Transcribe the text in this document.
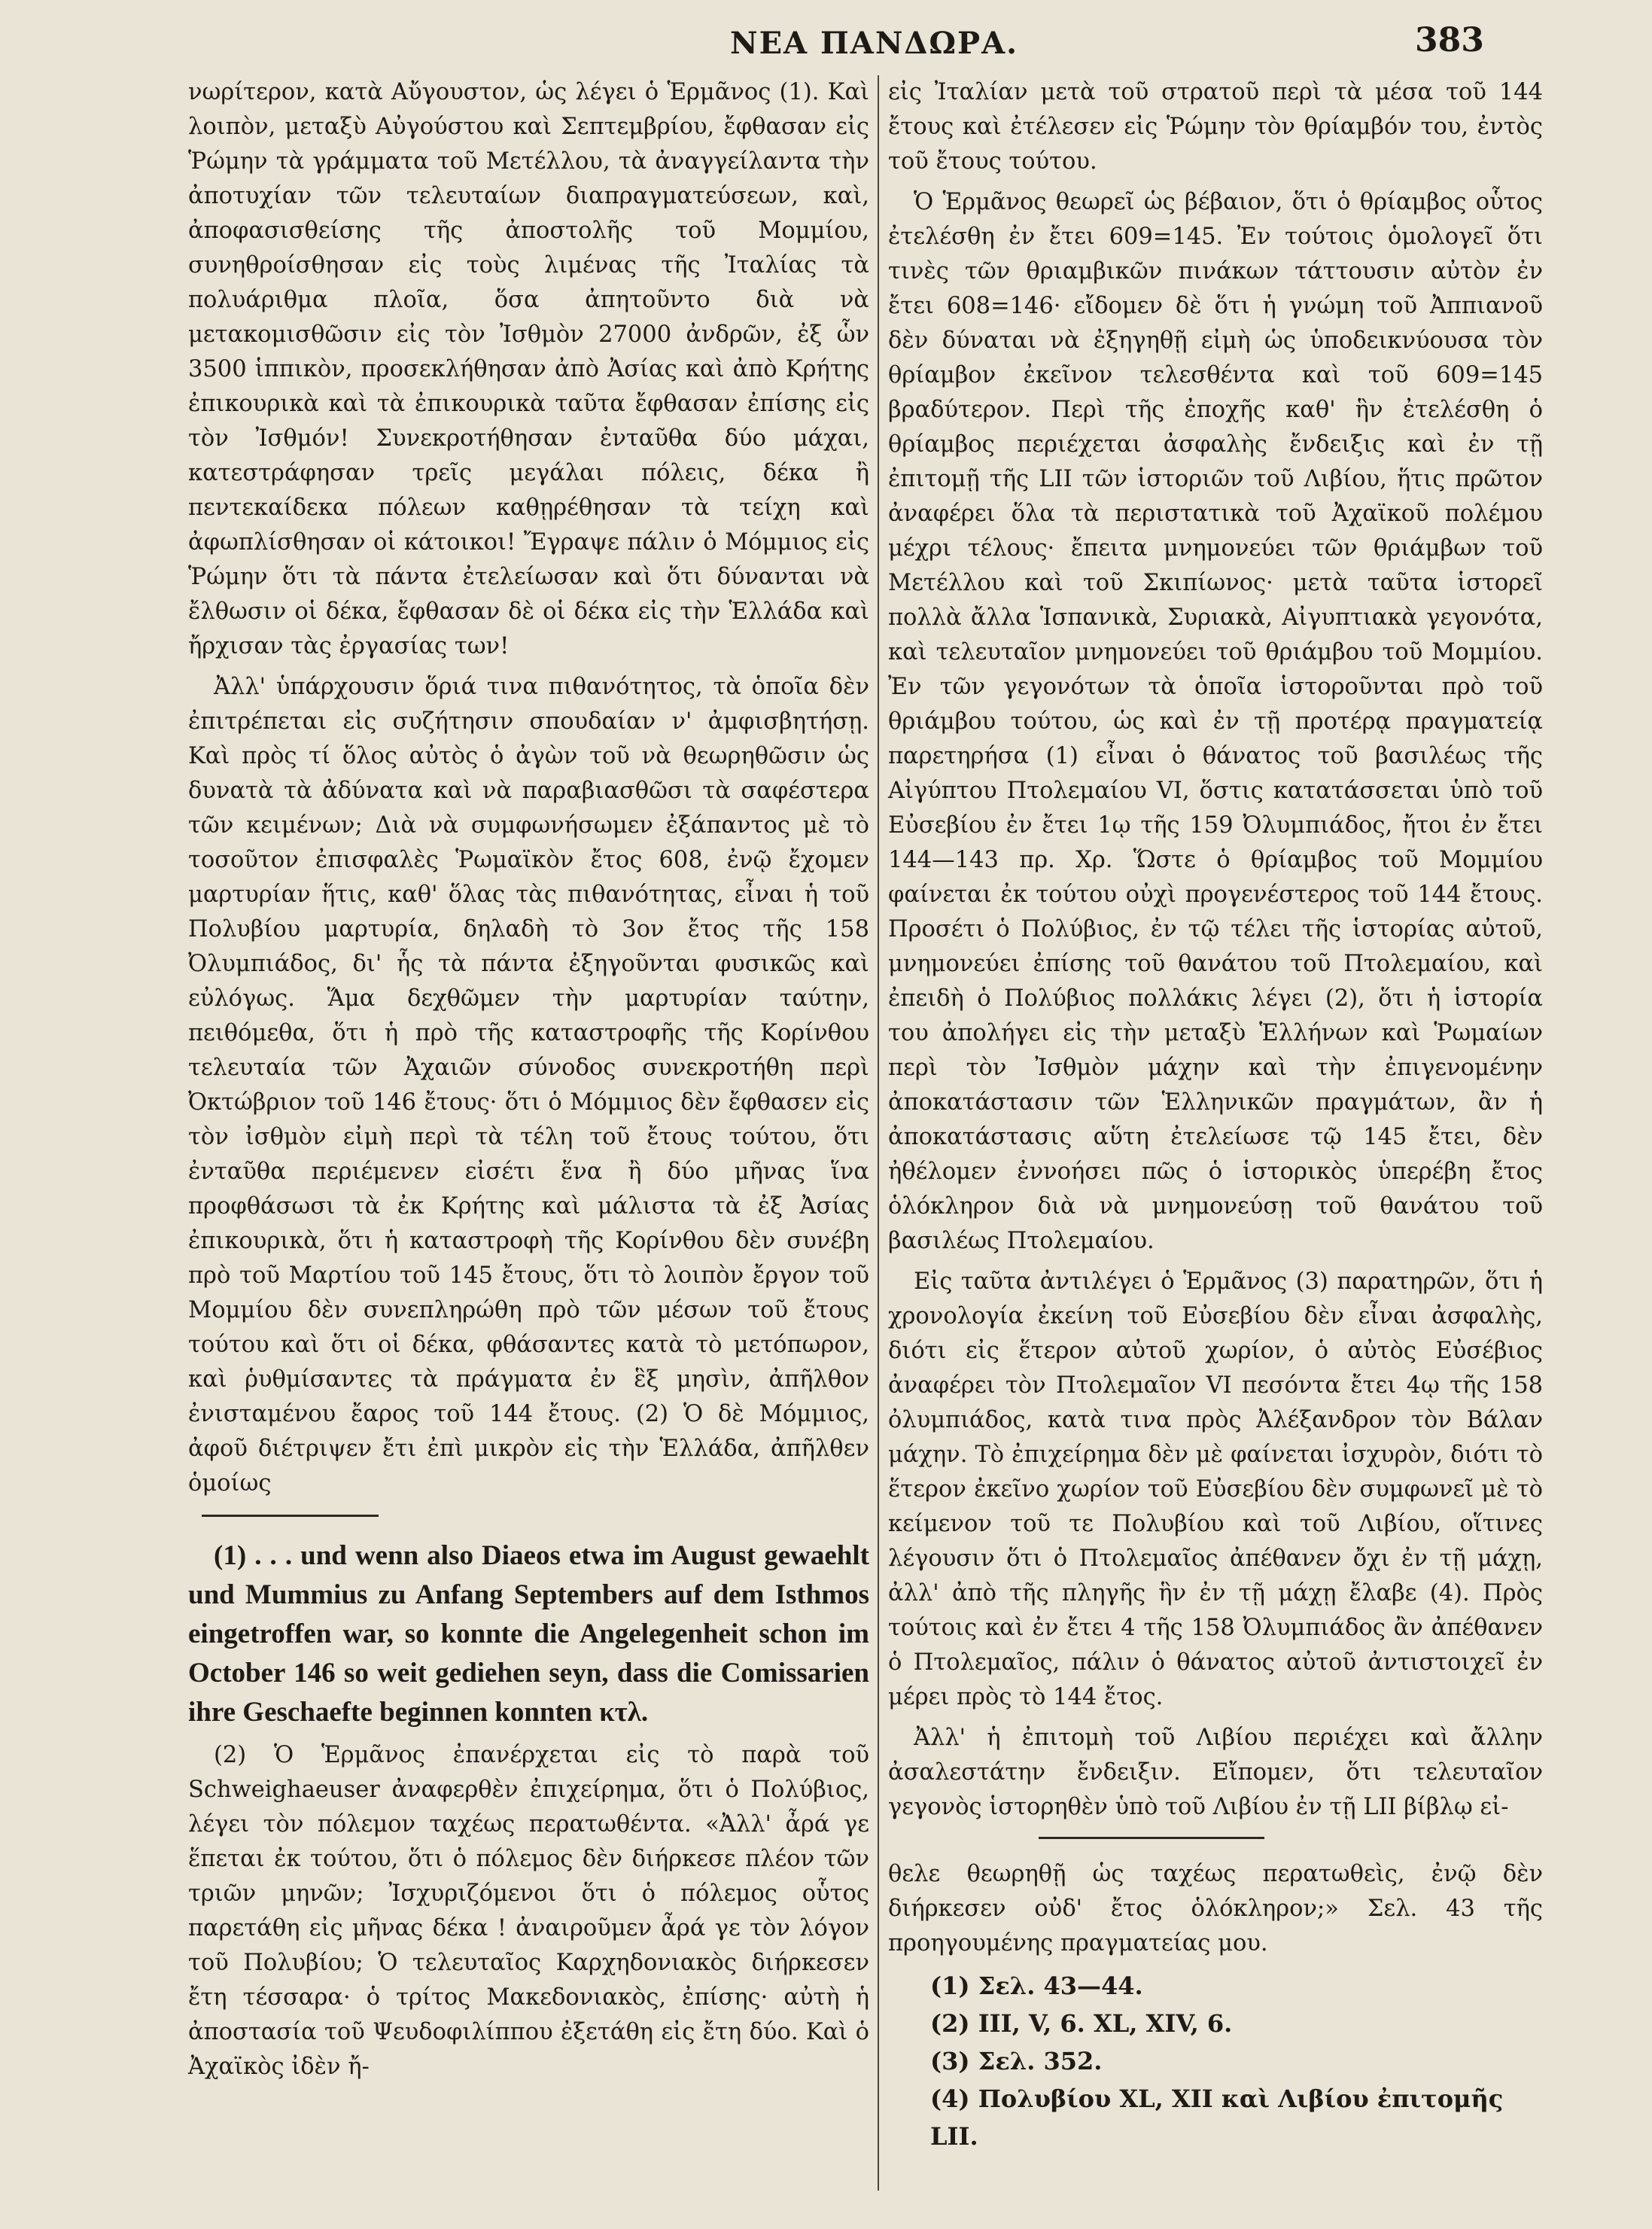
ΝΕΑ ΠΑΝΔΩΡΑ.	383

νωρίτερον, κατὰ Αὔγουστον, ὡς λέγει ὁ Ἑρμᾶνος (1). Καὶ λοιπὸν, μεταξὺ Αὐγούστου καὶ Σεπτεμβρίου, ἔφθασαν εἰς Ῥώμην τὰ γράμματα τοῦ Μετέλλου, τὰ ἀναγγείλαντα τὴν ἀποτυχίαν τῶν τελευταίων διαπραγματεύσεων, καὶ, ἀποφασισθείσης τῆς ἀποστολῆς τοῦ Μομμίου, συνηθροίσθησαν εἰς τοὺς λιμένας τῆς Ἰταλίας τὰ πολυάριθμα πλοῖα, ὅσα ἀπητοῦντο διὰ νὰ μετακομισθῶσιν εἰς τὸν Ἰσθμὸν 27000 ἀνδρῶν, ἐξ ὧν 3500 ἱππικὸν, προσεκλήθησαν ἀπὸ Ἀσίας καὶ ἀπὸ Κρήτης ἐπικουρικὰ καὶ τὰ ἐπικουρικὰ ταῦτα ἔφθασαν ἐπίσης εἰς τὸν Ἰσθμόν! Συνεκροτήθησαν ἐνταῦθα δύο μάχαι, κατεστράφησαν τρεῖς μεγάλαι πόλεις, δέκα ἢ πεντεκαίδεκα πόλεων καθῃρέθησαν τὰ τείχη καὶ ἀφωπλίσθησαν οἱ κάτοικοι! Ἔγραψε πάλιν ὁ Μόμμιος εἰς Ῥώμην ὅτι τὰ πάντα ἐτελείωσαν καὶ ὅτι δύνανται νὰ ἔλθωσιν οἱ δέκα, ἔφθασαν δὲ οἱ δέκα εἰς τὴν Ἑλλάδα καὶ ἤρχισαν τὰς ἐργασίας των!

Ἀλλ' ὑπάρχουσιν ὅριά τινα πιθανότητος, τὰ ὁποῖα δὲν ἐπιτρέπεται εἰς συζήτησιν σπουδαίαν ν' ἀμφισβητήσῃ. Καὶ πρὸς τί ὅλος αὐτὸς ὁ ἀγὼν τοῦ νὰ θεωρηθῶσιν ὡς δυνατὰ τὰ ἀδύνατα καὶ νὰ παραβιασθῶσι τὰ σαφέστερα τῶν κειμένων; Διὰ νὰ συμφωνήσωμεν ἐξάπαντος μὲ τὸ τοσοῦτον ἐπισφαλὲς Ῥωμαϊκὸν ἔτος 608, ἐνῷ ἔχομεν μαρτυρίαν ἥτις, καθ' ὅλας τὰς πιθανότητας, εἶναι ἡ τοῦ Πολυβίου μαρτυρία, δηλαδὴ τὸ 3ον ἔτος τῆς 158 Ὀλυμπιάδος, δι' ἧς τὰ πάντα ἐξηγοῦνται φυσικῶς καὶ εὐλόγως. Ἅμα δεχθῶμεν τὴν μαρτυρίαν ταύτην, πειθόμεθα, ὅτι ἡ πρὸ τῆς καταστροφῆς τῆς Κορίνθου τελευταία τῶν Ἀχαιῶν σύνοδος συνεκροτήθη περὶ Ὀκτώβριον τοῦ 146 ἔτους· ὅτι ὁ Μόμμιος δὲν ἔφθασεν εἰς τὸν ἰσθμὸν εἰμὴ περὶ τὰ τέλη τοῦ ἔτους τούτου, ὅτι ἐνταῦθα περιέμενεν εἰσέτι ἕνα ἢ δύο μῆνας ἵνα προφθάσωσι τὰ ἐκ Κρήτης καὶ μάλιστα τὰ ἐξ Ἀσίας ἐπικουρικὰ, ὅτι ἡ καταστροφὴ τῆς Κορίνθου δὲν συνέβη πρὸ τοῦ Μαρτίου τοῦ 145 ἔτους, ὅτι τὸ λοιπὸν ἔργον τοῦ Μομμίου δὲν συνεπληρώθη πρὸ τῶν μέσων τοῦ ἔτους τούτου καὶ ὅτι οἱ δέκα, φθάσαντες κατὰ τὸ μετόπωρον, καὶ ῥυθμίσαντες τὰ πράγματα ἐν ἓξ μησὶν, ἀπῆλθον ἐνισταμένου ἔαρος τοῦ 144 ἔτους. (2) Ὁ δὲ Μόμμιος, ἀφοῦ διέτριψεν ἔτι ἐπὶ μικρὸν εἰς τὴν Ἑλλάδα, ἀπῆλθεν ὁμοίως

(1) . . . und wenn also Diaeos etwa im August gewaehlt und Mummius zu Anfang Septembers auf dem Isthmos eingetroffen war, so konnte die Angelegenheit schon im October 146 so weit gediehen seyn, dass die Comissarien ihre Geschaefte beginnen konnten κτλ.

(2) Ὁ Ἑρμᾶνος ἐπανέρχεται εἰς τὸ παρὰ τοῦ Schweighaeuser ἀναφερθὲν ἐπιχείρημα, ὅτι ὁ Πολύβιος, λέγει τὸν πόλεμον ταχέως περατωθέντα. «Ἀλλ' ἆρά γε ἕπεται ἐκ τούτου, ὅτι ὁ πόλεμος δὲν διήρκεσε πλέον τῶν τριῶν μηνῶν; Ἰσχυριζόμενοι ὅτι ὁ πόλεμος οὗτος παρετάθη εἰς μῆνας δέκα ! ἀναιροῦμεν ἆρά γε τὸν λόγον τοῦ Πολυβίου; Ὁ τελευταῖος Καρχηδονιακὸς διήρκεσεν ἔτη τέσσαρα· ὁ τρίτος Μακεδονιακὸς, ἐπίσης· αὐτὴ ἡ ἀποστασία τοῦ Ψευδοφιλίππου ἐξετάθη εἰς ἔτη δύο. Καὶ ὁ Ἀχαϊκὸς ἰδὲν ἤ-

εἰς Ἰταλίαν μετὰ τοῦ στρατοῦ περὶ τὰ μέσα τοῦ 144 ἔτους καὶ ἐτέλεσεν εἰς Ῥώμην τὸν θρίαμβόν του, ἐντὸς τοῦ ἔτους τούτου.

Ὁ Ἑρμᾶνος θεωρεῖ ὡς βέβαιον, ὅτι ὁ θρίαμβος οὗτος ἐτελέσθη ἐν ἔτει 609=145. Ἐν τούτοις ὁμολογεῖ ὅτι τινὲς τῶν θριαμβικῶν πινάκων τάττουσιν αὐτὸν ἐν ἔτει 608=146· εἴδομεν δὲ ὅτι ἡ γνώμη τοῦ Ἀππιανοῦ δὲν δύναται νὰ ἐξηγηθῇ εἰμὴ ὡς ὑποδεικνύουσα τὸν θρίαμβον ἐκεῖνον τελεσθέντα καὶ τοῦ 609=145 βραδύτερον. Περὶ τῆς ἐποχῆς καθ' ἣν ἐτελέσθη ὁ θρίαμβος περιέχεται ἀσφαλὴς ἔνδειξις καὶ ἐν τῇ ἐπιτομῇ τῆς LII τῶν ἱστοριῶν τοῦ Λιβίου, ἥτις πρῶτον ἀναφέρει ὅλα τὰ περιστατικὰ τοῦ Ἀχαϊκοῦ πολέμου μέχρι τέλους· ἔπειτα μνημονεύει τῶν θριάμβων τοῦ Μετέλλου καὶ τοῦ Σκιπίωνος· μετὰ ταῦτα ἱστορεῖ πολλὰ ἄλλα Ἱσπανικὰ, Συριακὰ, Αἰγυπτιακὰ γεγονότα, καὶ τελευταῖον μνημονεύει τοῦ θριάμβου τοῦ Μομμίου. Ἐν τῶν γεγονότων τὰ ὁποῖα ἱστοροῦνται πρὸ τοῦ θριάμβου τούτου, ὡς καὶ ἐν τῇ προτέρᾳ πραγματείᾳ παρετηρήσα (1) εἶναι ὁ θάνατος τοῦ βασιλέως τῆς Αἰγύπτου Πτολεμαίου VI, ὅστις κατατάσσεται ὑπὸ τοῦ Εὐσεβίου ἐν ἔτει 1ῳ τῆς 159 Ὀλυμπιάδος, ἤτοι ἐν ἔτει 144—143 πρ. Χρ. Ὥστε ὁ θρίαμβος τοῦ Μομμίου φαίνεται ἐκ τούτου οὐχὶ προγενέστερος τοῦ 144 ἔτους. Προσέτι ὁ Πολύβιος, ἐν τῷ τέλει τῆς ἱστορίας αὐτοῦ, μνημονεύει ἐπίσης τοῦ θανάτου τοῦ Πτολεμαίου, καὶ ἐπειδὴ ὁ Πολύβιος πολλάκις λέγει (2), ὅτι ἡ ἱστορία του ἀπολήγει εἰς τὴν μεταξὺ Ἑλλήνων καὶ Ῥωμαίων περὶ τὸν Ἰσθμὸν μάχην καὶ τὴν ἐπιγενομένην ἀποκατάστασιν τῶν Ἑλληνικῶν πραγμάτων, ἂν ἡ ἀποκατάστασις αὕτη ἐτελείωσε τῷ 145 ἔτει, δὲν ἠθέλομεν ἐννοήσει πῶς ὁ ἱστορικὸς ὑπερέβη ἔτος ὁλόκληρον διὰ νὰ μνημονεύσῃ τοῦ θανάτου τοῦ βασιλέως Πτολεμαίου.

Εἰς ταῦτα ἀντιλέγει ὁ Ἑρμᾶνος (3) παρατηρῶν, ὅτι ἡ χρονολογία ἐκείνη τοῦ Εὐσεβίου δὲν εἶναι ἀσφαλὴς, διότι εἰς ἕτερον αὐτοῦ χωρίον, ὁ αὐτὸς Εὐσέβιος ἀναφέρει τὸν Πτολεμαῖον VI πεσόντα ἔτει 4ῳ τῆς 158 ὀλυμπιάδος, κατὰ τινα πρὸς Ἀλέξανδρον τὸν Βάλαν μάχην. Τὸ ἐπιχείρημα δὲν μὲ φαίνεται ἰσχυρὸν, διότι τὸ ἕτερον ἐκεῖνο χωρίον τοῦ Εὐσεβίου δὲν συμφωνεῖ μὲ τὸ κείμενον τοῦ τε Πολυβίου καὶ τοῦ Λιβίου, οἵτινες λέγουσιν ὅτι ὁ Πτολεμαῖος ἀπέθανεν ὄχι ἐν τῇ μάχῃ, ἀλλ' ἀπὸ τῆς πληγῆς ἣν ἐν τῇ μάχῃ ἔλαβε (4). Πρὸς τούτοις καὶ ἐν ἔτει 4 τῆς 158 Ὀλυμπιάδος ἂν ἀπέθανεν ὁ Πτολεμαῖος, πάλιν ὁ θάνατος αὐτοῦ ἀντιστοιχεῖ ἐν μέρει πρὸς τὸ 144 ἔτος.

Ἀλλ' ἡ ἐπιτομὴ τοῦ Λιβίου περιέχει καὶ ἄλλην ἀσαλεστάτην ἔνδειξιν. Εἴπομεν, ὅτι τελευταῖον γεγονὸς ἱστορηθὲν ὑπὸ τοῦ Λιβίου ἐν τῇ LII βίβλῳ εἰ-

θελε θεωρηθῇ ὡς ταχέως περατωθεὶς, ἐνῷ δὲν διήρκεσεν οὐδ' ἔτος ὁλόκληρον;» Σελ. 43 τῆς προηγουμένης πραγματείας μου.

(1) Σελ. 43—44.
(2) III, V, 6. XL, XIV, 6.
(3) Σελ. 352.
(4) Πολυβίου XL, XII καὶ Λιβίου ἐπιτομῆς LII.
